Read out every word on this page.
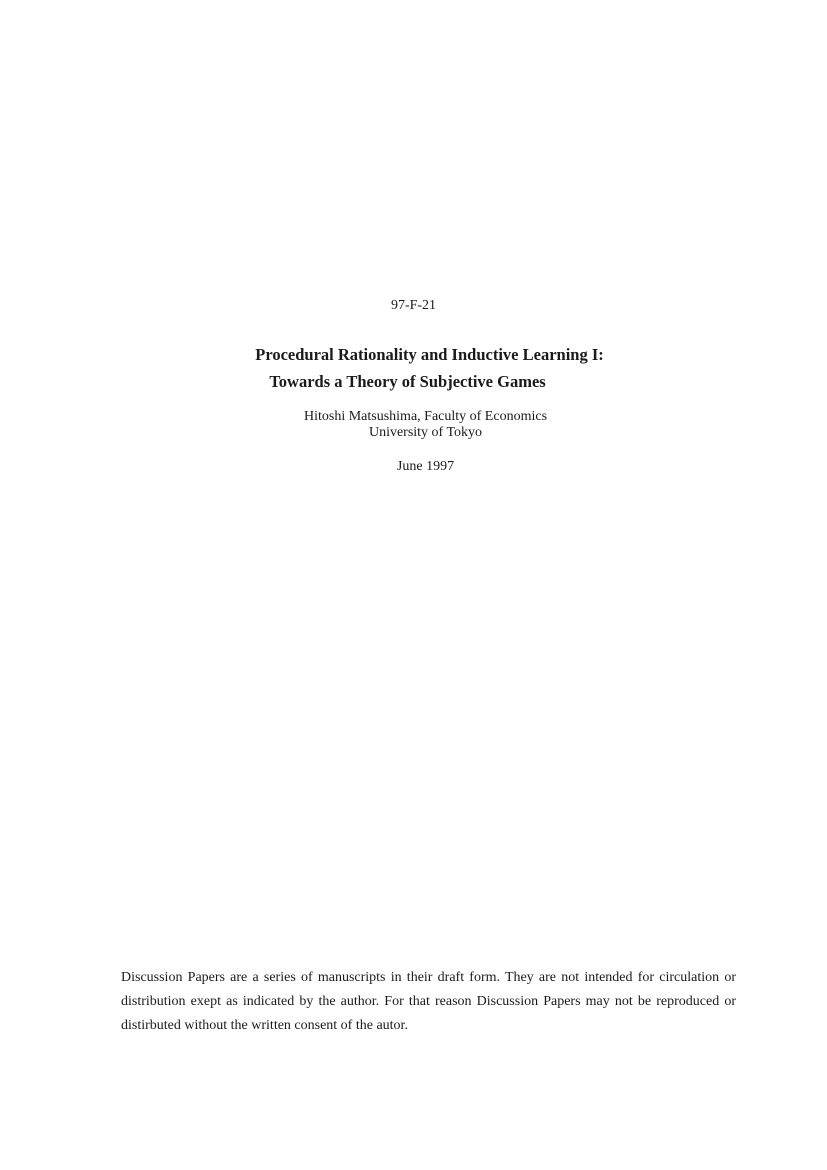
97-F-21
Procedural Rationality and Inductive Learning I:
Towards a Theory of Subjective Games
Hitoshi Matsushima, Faculty of Economics
University of Tokyo
June 1997
Discussion Papers are a series of manuscripts in their draft form. They are not intended for circulation or distribution exept as indicated by the author. For that reason Discussion Papers may not be reproduced or distirbuted without the written consent of the autor.
